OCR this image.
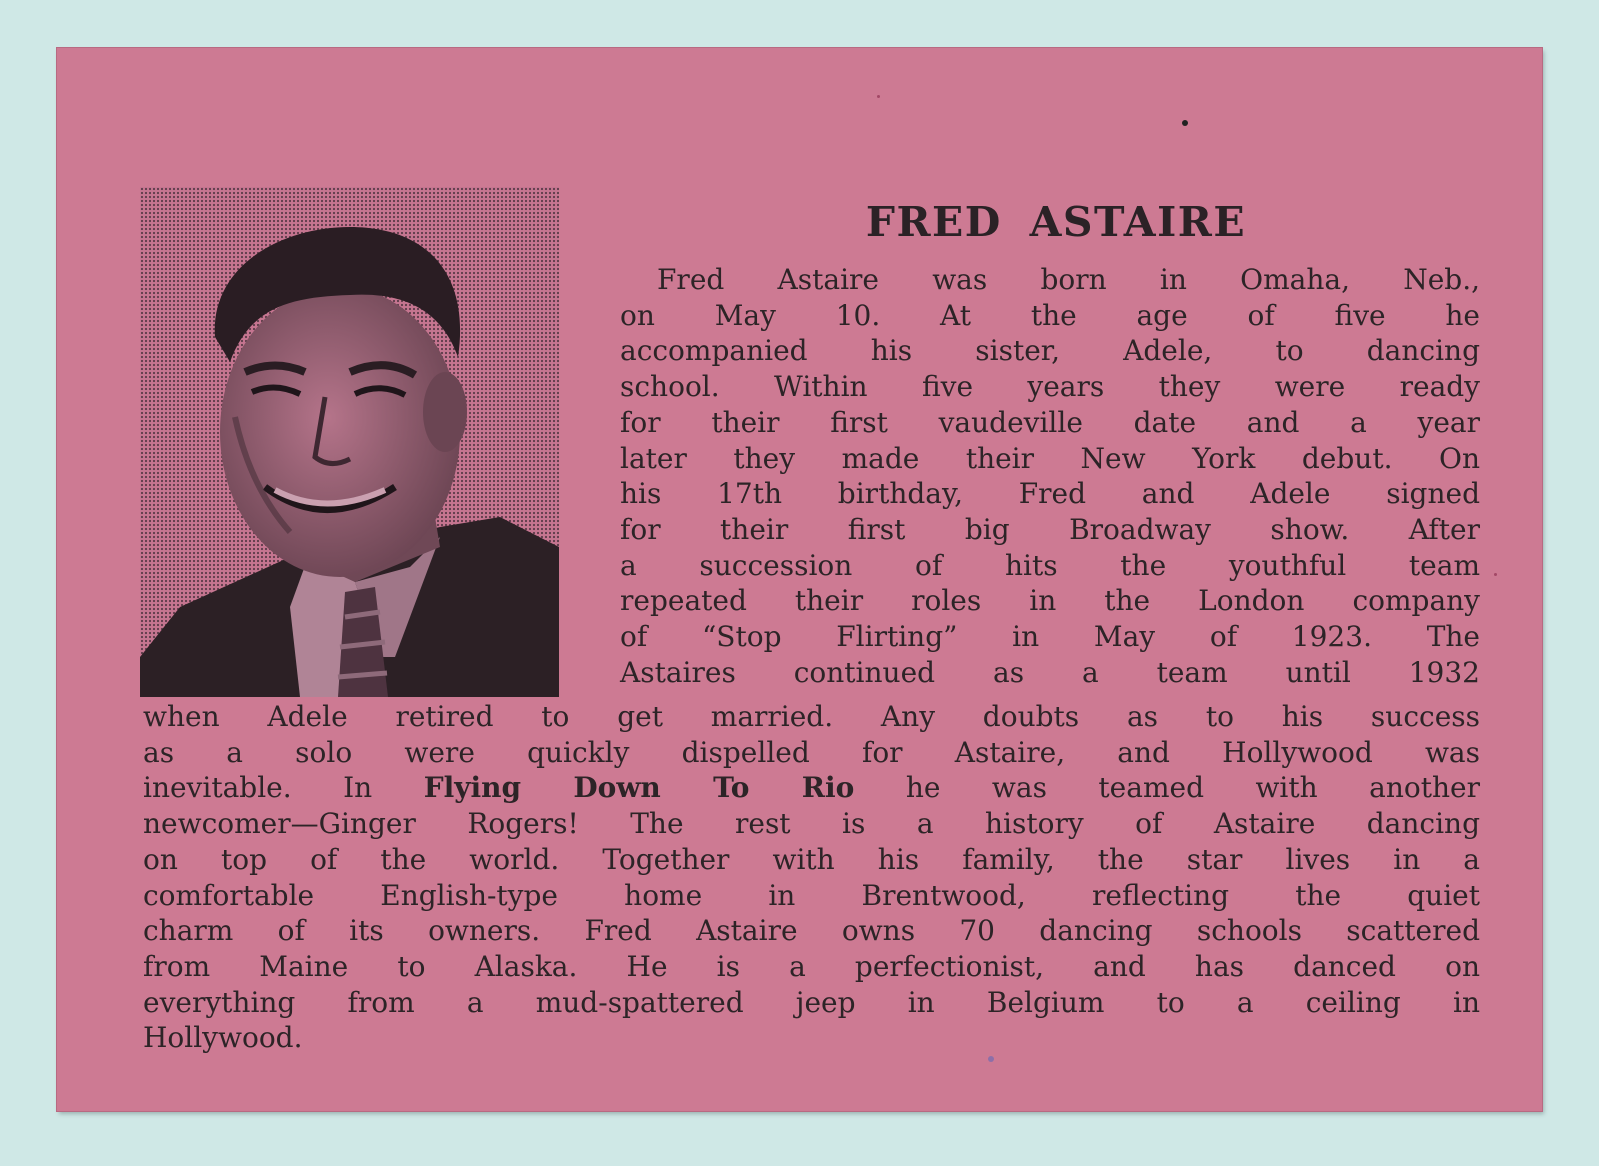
FRED ASTAIRE
Fred Astaire was born in Omaha, Neb.,
on May 10. At the age of five he
accompanied his sister, Adele, to dancing
school. Within five years they were ready
for their first vaudeville date and a year
later they made their New York debut. On
his 17th birthday, Fred and Adele signed
for their first big Broadway show. After
a succession of hits the youthful team
repeated their roles in the London company
of “Stop Flirting” in May of 1923. The
Astaires continued as a team until 1932
when Adele retired to get married. Any doubts as to his success
as a solo were quickly dispelled for Astaire, and Hollywood was
inevitable. In Flying Down To Rio he was teamed with another
newcomer—Ginger Rogers! The rest is a history of Astaire dancing
on top of the world. Together with his family, the star lives in a
comfortable English-type home in Brentwood, reflecting the quiet
charm of its owners. Fred Astaire owns 70 dancing schools scattered
from Maine to Alaska. He is a perfectionist, and has danced on
everything from a mud-spattered jeep in Belgium to a ceiling in
Hollywood.
